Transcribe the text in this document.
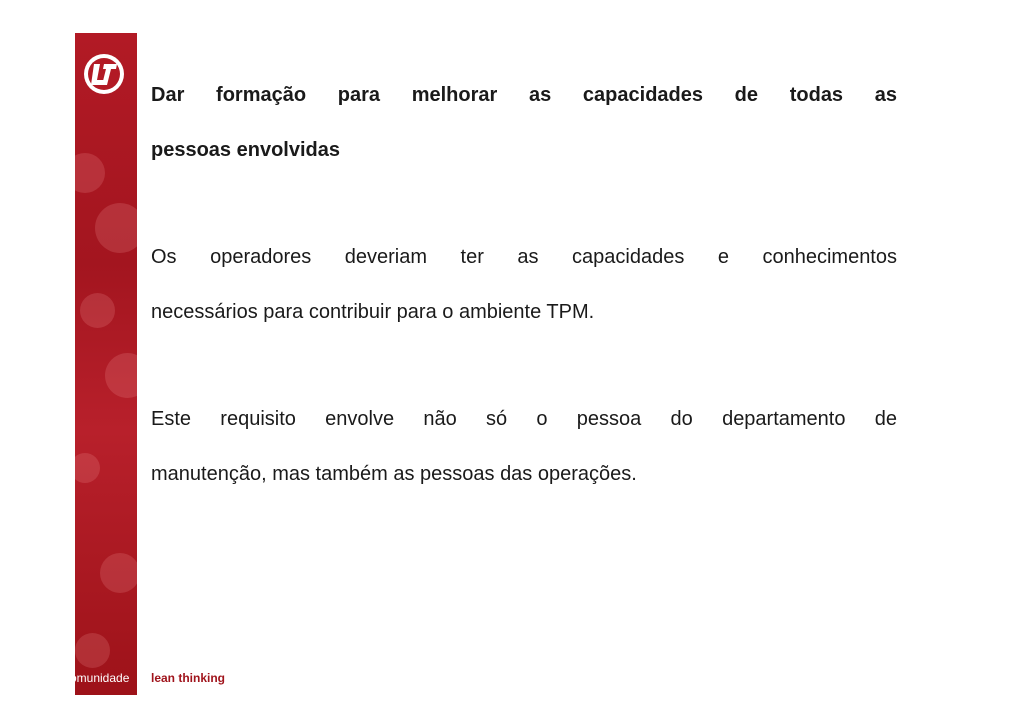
Dar formação para melhorar as capacidades de todas as
pessoas envolvidas
Os operadores deveriam ter as capacidades e conhecimentos
necessários para contribuir para o ambiente TPM.
Este requisito envolve não só o pessoa do departamento de
manutenção, mas também as pessoas das operações.
comunidade	lean thinking
